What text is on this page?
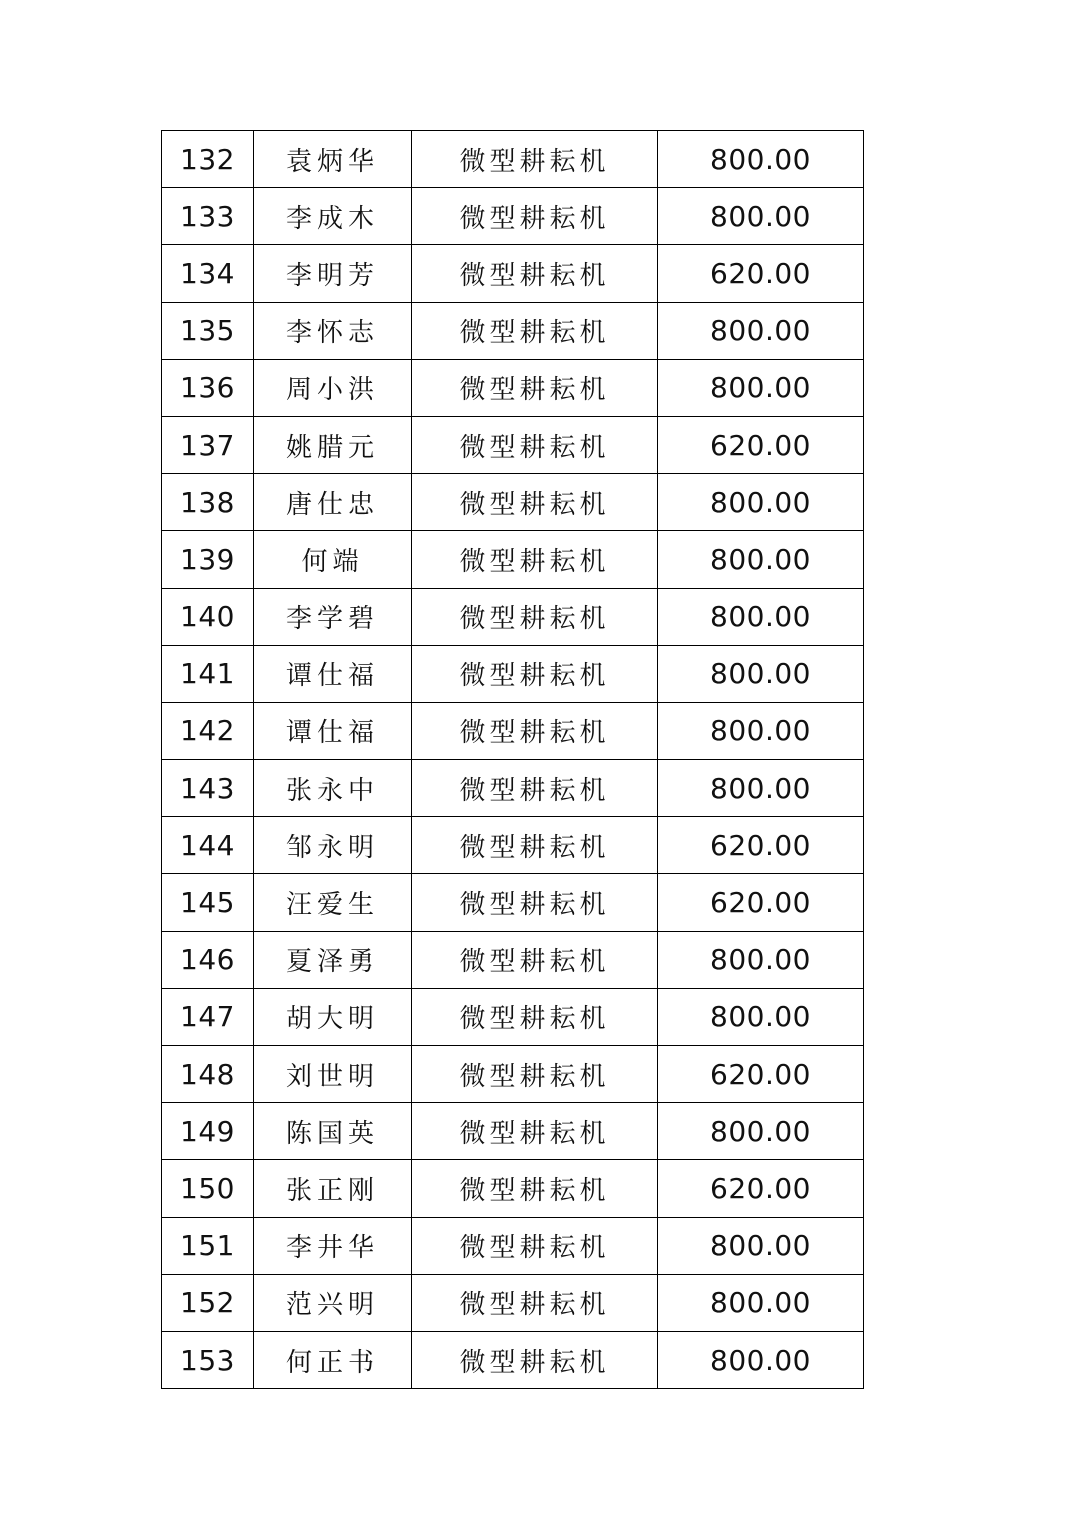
132	袁炳华	微型耕耘机	800.00
133	李成木	微型耕耘机	800.00
134	李明芳	微型耕耘机	620.00
135	李怀志	微型耕耘机	800.00
136	周小洪	微型耕耘机	800.00
137	姚腊元	微型耕耘机	620.00
138	唐仕忠	微型耕耘机	800.00
139	何端	微型耕耘机	800.00
140	李学碧	微型耕耘机	800.00
141	谭仕福	微型耕耘机	800.00
142	谭仕福	微型耕耘机	800.00
143	张永中	微型耕耘机	800.00
144	邹永明	微型耕耘机	620.00
145	汪爱生	微型耕耘机	620.00
146	夏泽勇	微型耕耘机	800.00
147	胡大明	微型耕耘机	800.00
148	刘世明	微型耕耘机	620.00
149	陈国英	微型耕耘机	800.00
150	张正刚	微型耕耘机	620.00
151	李井华	微型耕耘机	800.00
152	范兴明	微型耕耘机	800.00
153	何正书	微型耕耘机	800.00
